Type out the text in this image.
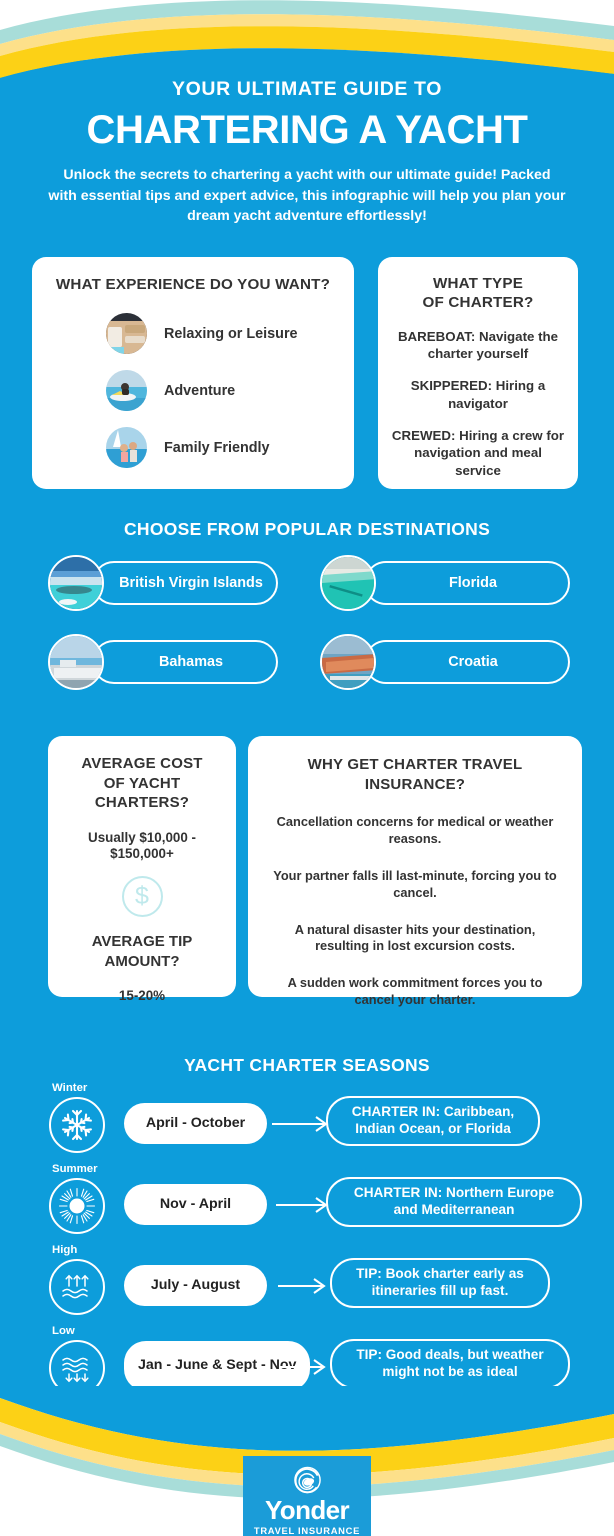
YOUR ULTIMATE GUIDE TO
CHARTERING A YACHT
Unlock the secrets to chartering a yacht with our ultimate guide! Packed with essential tips and expert advice, this infographic will help you plan your dream yacht adventure effortlessly!
WHAT EXPERIENCE DO YOU WANT?
Relaxing or Leisure
Adventure
Family Friendly
WHAT TYPE
OF CHARTER?
BAREBOAT: Navigate the charter yourself
SKIPPERED: Hiring a navigator
CREWED: Hiring a crew for navigation and meal service
CHOOSE FROM POPULAR DESTINATIONS
British Virgin Islands	Florida
Bahamas	Croatia
AVERAGE COST
OF YACHT
CHARTERS?
Usually $10,000 - $150,000+
$
AVERAGE TIP
AMOUNT?
15-20%
WHY GET CHARTER TRAVEL
INSURANCE?
Cancellation concerns for medical or weather reasons.
Your partner falls ill last-minute, forcing you to cancel.
A natural disaster hits your destination, resulting in lost excursion costs.
A sudden work commitment forces you to cancel your charter.
YACHT CHARTER SEASONS
Winter
April - October
CHARTER IN: Caribbean, Indian Ocean, or Florida
Summer
Nov - April
CHARTER IN: Northern Europe and Mediterranean
High
July - August
TIP: Book charter early as itineraries fill up fast.
Low
Jan - June & Sept - Nov
TIP: Good deals, but weather might not be as ideal
Yonder
TRAVEL INSURANCE
